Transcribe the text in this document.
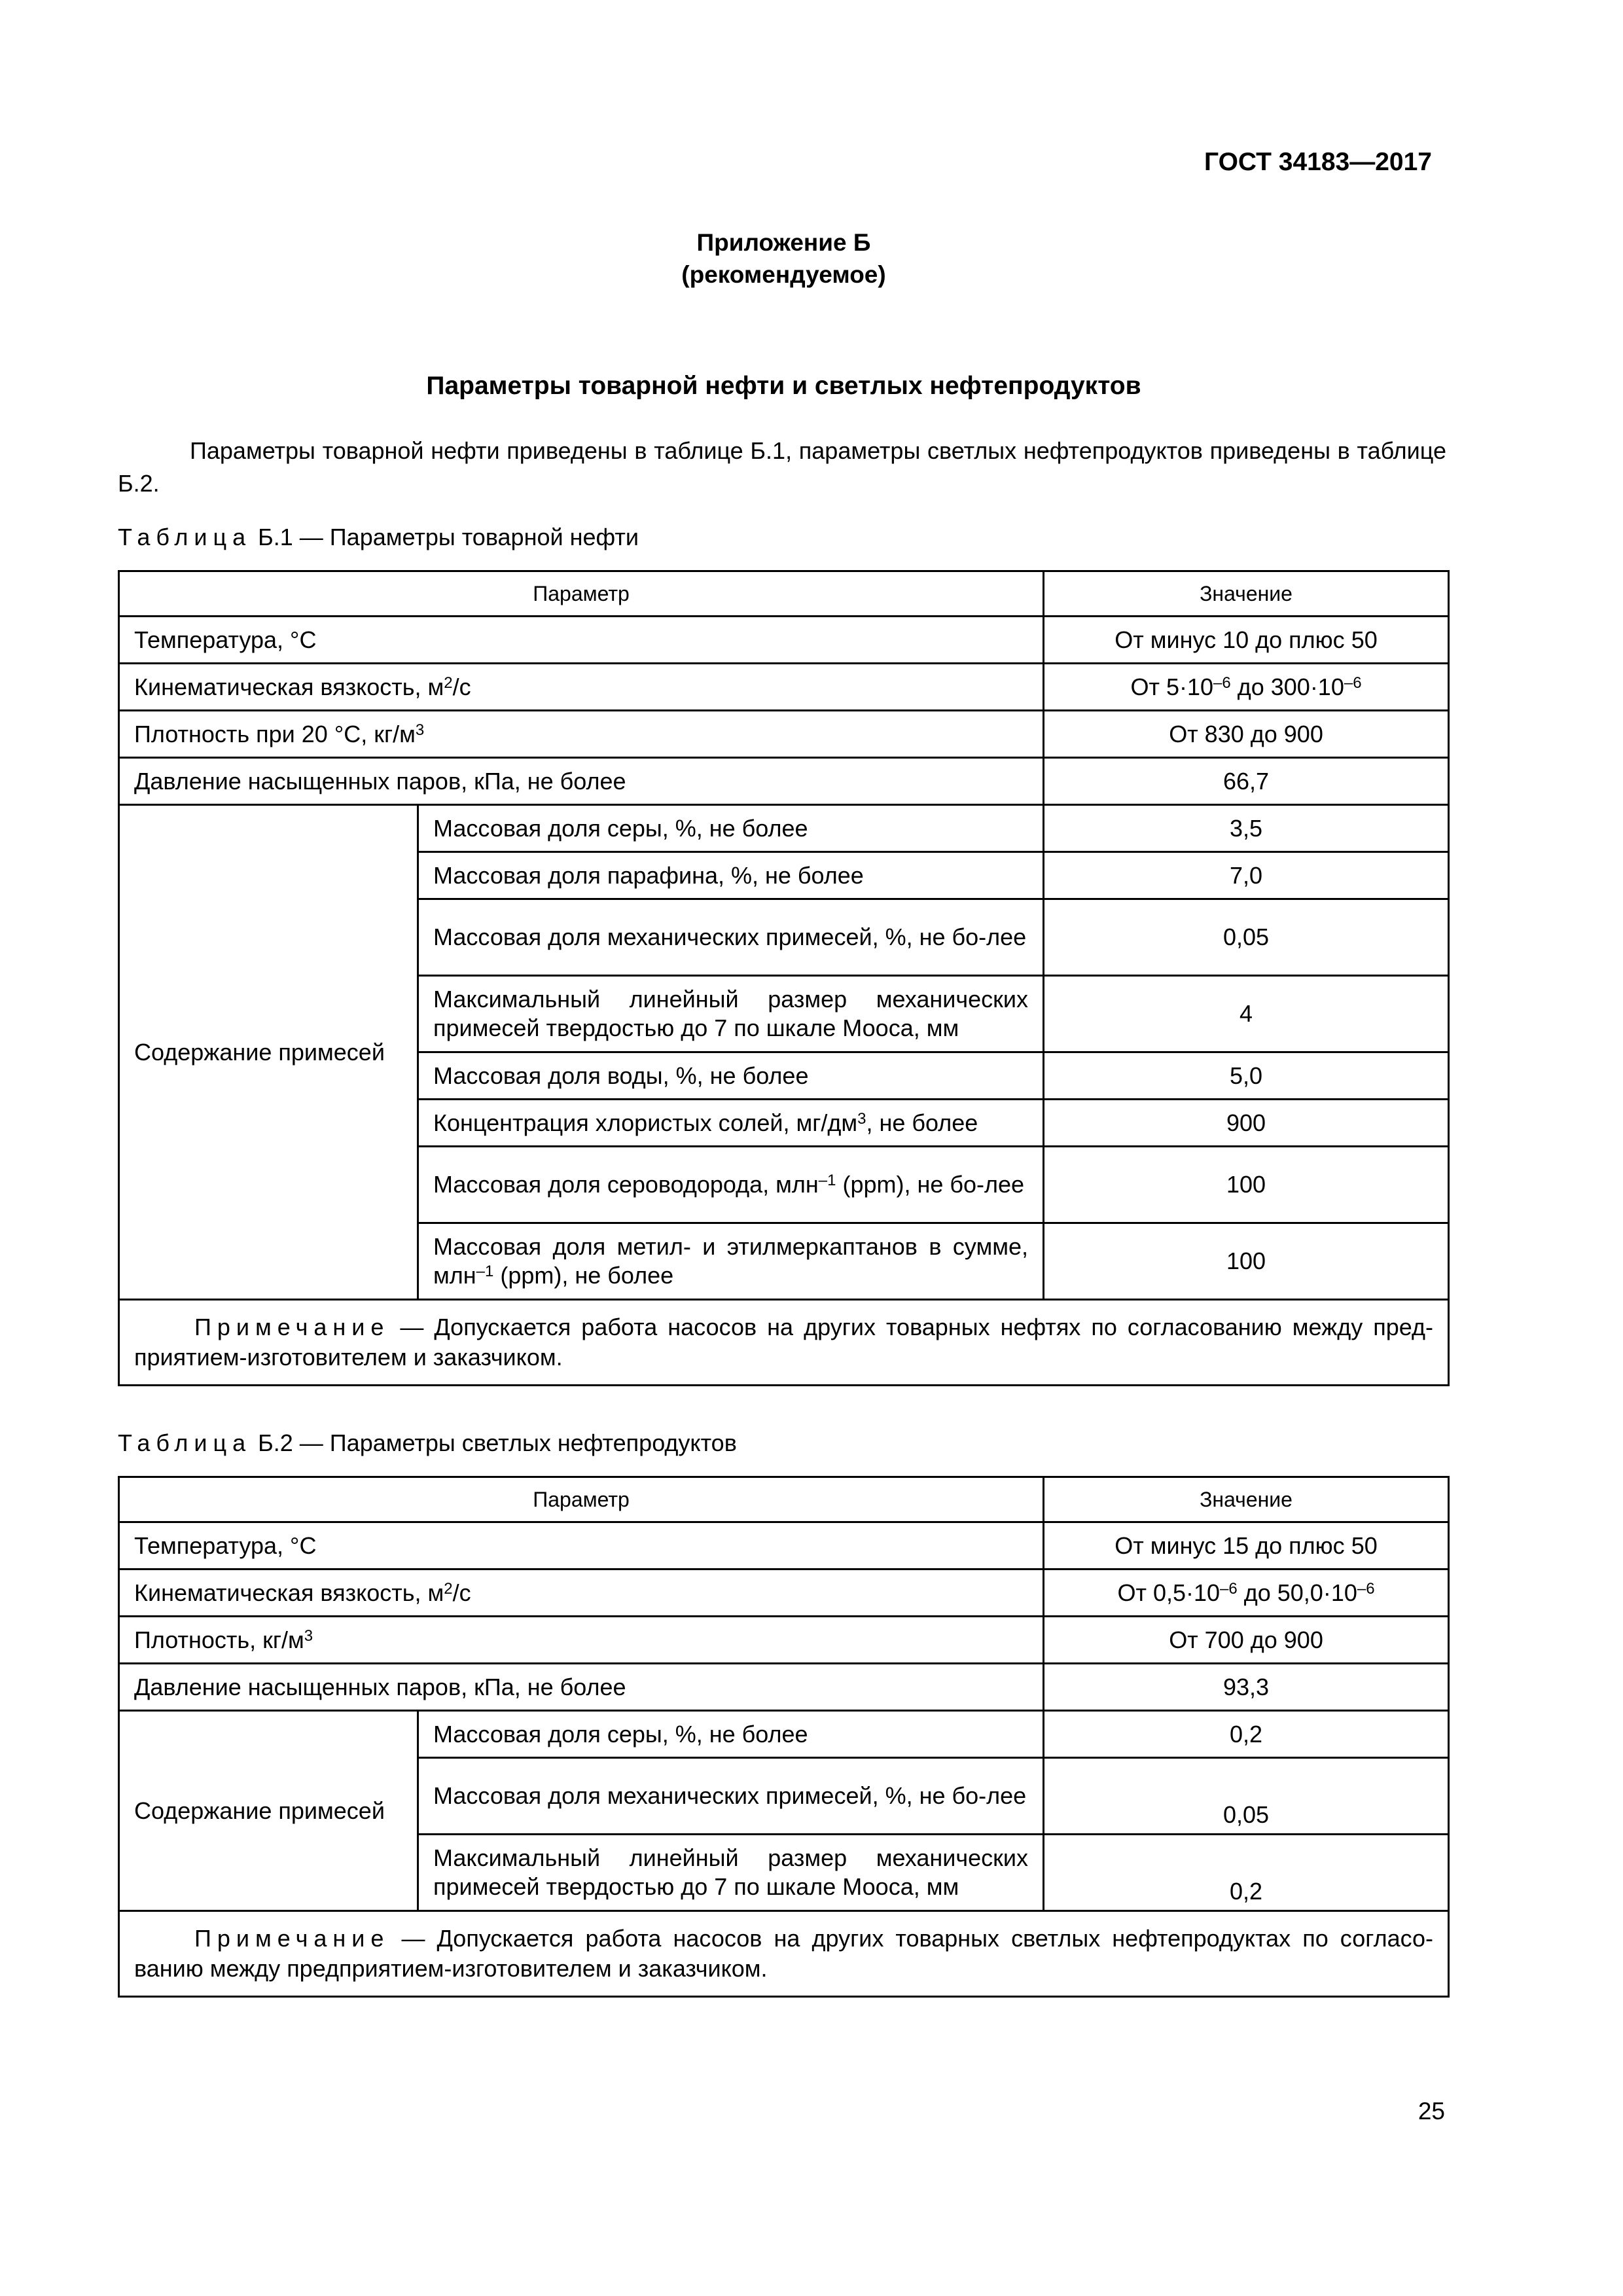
ГОСТ 34183—2017
Приложение Б
(рекомендуемое)
Параметры товарной нефти и светлых нефтепродуктов
Параметры товарной нефти приведены в таблице Б.1, параметры светлых нефтепродуктов приведены в таблице Б.2.
Таблица Б.1 — Параметры товарной нефти
Параметр		Значение
Температура, °C		От минус 10 до плюс 50
Кинематическая вязкость, $м^2/с$		От $5\cdot 10^{-6}$ до $300\cdot 10^{-6}$
Плотность при 20 °C, $кг/м^3$		От 830 до 900
Давление насыщенных паров, кПа, не более		66,7
Содержание примесей	Массовая доля серы, %, не более	3,5
	Массовая доля парафина, %, не более	7,0
	Массовая доля механических примесей, %, не бо-лее	0,05
	Максимальный линейный размер механических примесей твердостью до 7 по шкале Мооса, мм	4
	Массовая доля воды, %, не более	5,0
	Концентрация хлористых солей, $мг/дм^3$, не более	900
	Массовая доля сероводорода, млн$^{-1}$ (ppm), не бо-лее	100
	Массовая доля метил- и этилмеркаптанов в сумме, млн$^{-1}$ (ppm), не более	100
Примечание — Допускается работа насосов на других товарных нефтях по согласованию между пред-приятием-изготовителем и заказчиком.		
Таблица Б.2 — Параметры светлых нефтепродуктов
Параметр		Значение
Температура, °C		От минус 15 до плюс 50
Кинематическая вязкость, $м^2/с$		От $0,5\cdot 10^{-6}$ до $50,0\cdot 10^{-6}$
Плотность, $кг/м^3$		От 700 до 900
Давление насыщенных паров, кПа, не более		93,3
Содержание примесей	Массовая доля серы, %, не более	0,2
	Массовая доля механических примесей, %, не бо-лее	0,05
	Максимальный линейный размер механических примесей твердостью до 7 по шкале Мооса, мм	0,2
Примечание — Допускается работа насосов на других товарных светлых нефтепродуктах по согласо-ванию между предприятием-изготовителем и заказчиком.		
25
